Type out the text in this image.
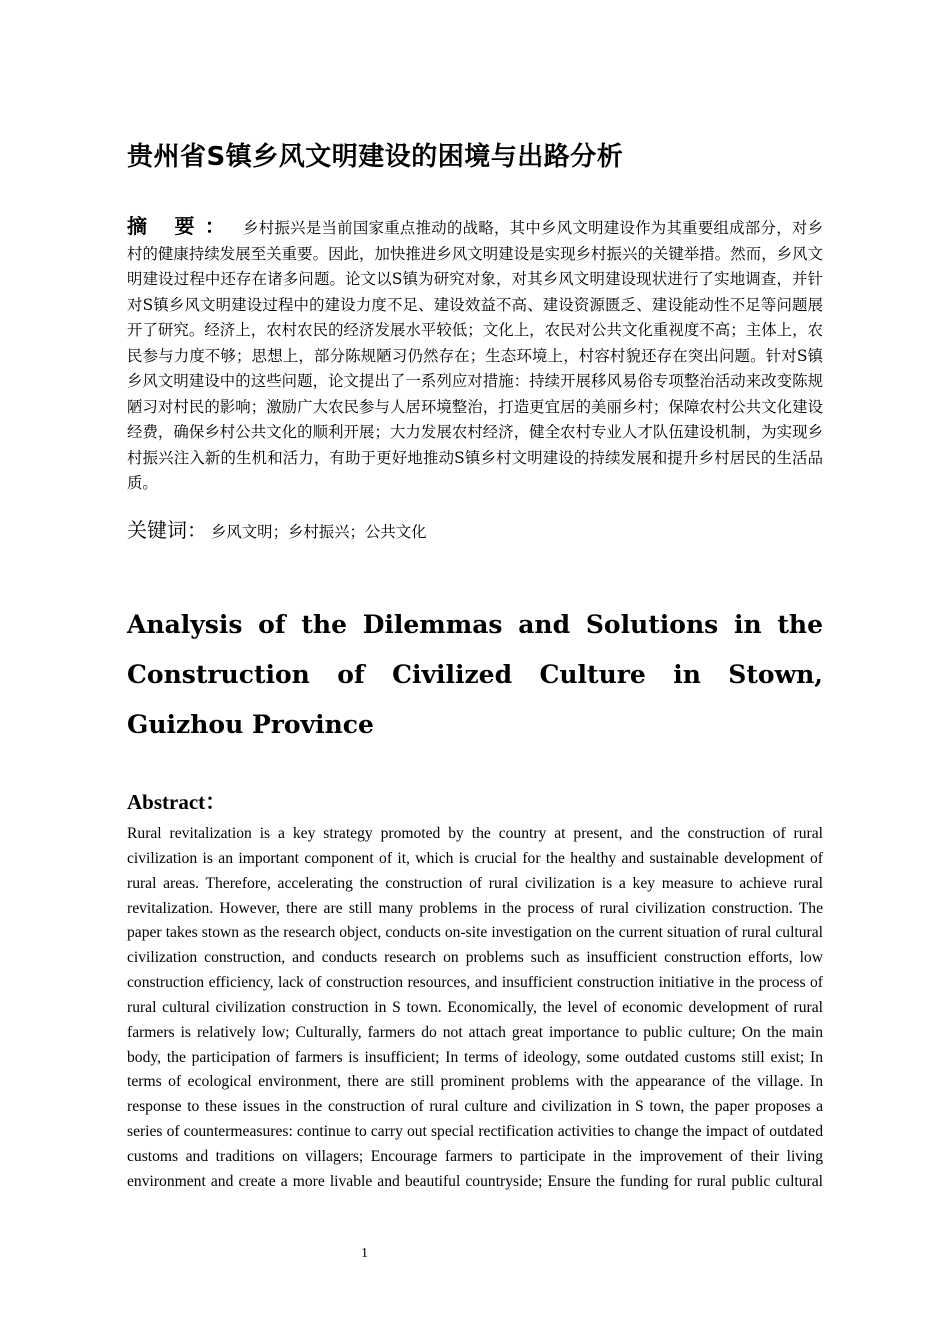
贵州省S镇乡风文明建设的困境与出路分析
摘 要： 乡村振兴是当前国家重点推动的战略，其中乡风文明建设作为其重要组成部分，对乡村的健康持续发展至关重要。因此，加快推进乡风文明建设是实现乡村振兴的关键举措。然而，乡风文明建设过程中还存在诸多问题。论文以S镇为研究对象，对其乡风文明建设现状进行了实地调查，并针对S镇乡风文明建设过程中的建设力度不足、建设效益不高、建设资源匮乏、建设能动性不足等问题展开了研究。经济上，农村农民的经济发展水平较低；文化上，农民对公共文化重视度不高；主体上，农民参与力度不够；思想上，部分陈规陋习仍然存在；生态环境上，村容村貌还存在突出问题。针对S镇乡风文明建设中的这些问题，论文提出了一系列应对措施：持续开展移风易俗专项整治活动来改变陈规陋习对村民的影响；激励广大农民参与人居环境整治，打造更宜居的美丽乡村；保障农村公共文化建设经费，确保乡村公共文化的顺利开展；大力发展农村经济，健全农村专业人才队伍建设机制，为实现乡村振兴注入新的生机和活力，有助于更好地推动S镇乡村文明建设的持续发展和提升乡村居民的生活品质。
关键词： 乡风文明；乡村振兴；公共文化
Analysis of the Dilemmas and Solutions in the Construction of Civilized Culture in Stown, Guizhou Province
Abstract：
Rural revitalization is a key strategy promoted by the country at present, and the construction of rural civilization is an important component of it, which is crucial for the healthy and sustainable development of rural areas. Therefore, accelerating the construction of rural civilization is a key measure to achieve rural revitalization. However, there are still many problems in the process of rural civilization construction. The paper takes stown as the research object, conducts on-site investigation on the current situation of rural cultural civilization construction, and conducts research on problems such as insufficient construction efforts, low construction efficiency, lack of construction resources, and insufficient construction initiative in the process of rural cultural civilization construction in S town. Economically, the level of economic development of rural farmers is relatively low; Culturally, farmers do not attach great importance to public culture; On the main body, the participation of farmers is insufficient; In terms of ideology, some outdated customs still exist; In terms of ecological environment, there are still prominent problems with the appearance of the village. In response to these issues in the construction of rural culture and civilization in S town, the paper proposes a series of countermeasures: continue to carry out special rectification activities to change the impact of outdated customs and traditions on villagers; Encourage farmers to participate in the improvement of their living environment and create a more livable and beautiful countryside; Ensure the funding for rural public cultural
1
